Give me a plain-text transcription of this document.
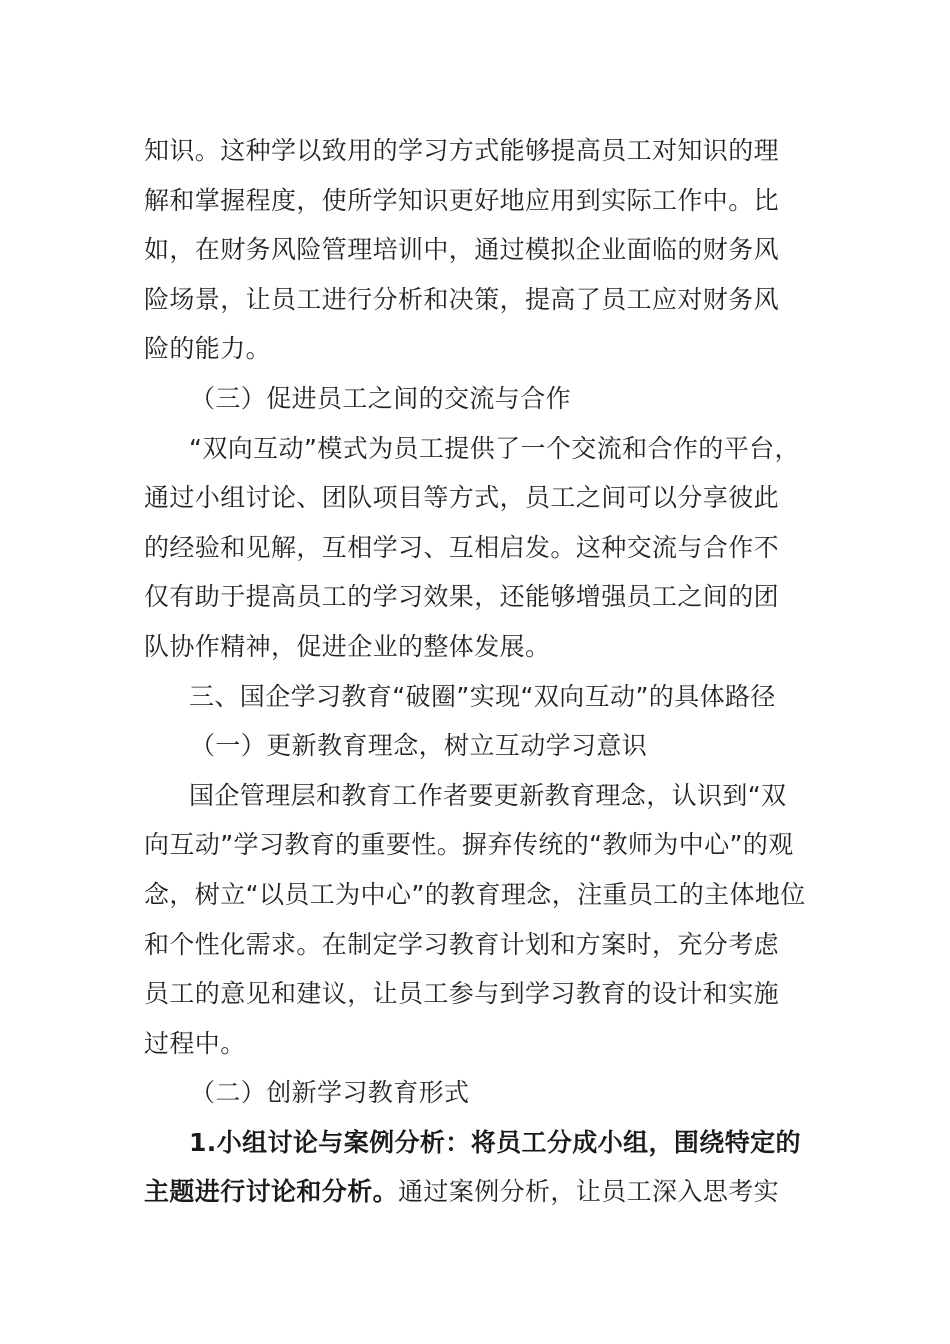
知识。这种学以致用的学习方式能够提高员工对知识的理
解和掌握程度，使所学知识更好地应用到实际工作中。比
如，在财务风险管理培训中，通过模拟企业面临的财务风
险场景，让员工进行分析和决策，提高了员工应对财务风
险的能力。
（三）促进员工之间的交流与合作
“双向互动”模式为员工提供了一个交流和合作的平台，
通过小组讨论、团队项目等方式，员工之间可以分享彼此
的经验和见解，互相学习、互相启发。这种交流与合作不
仅有助于提高员工的学习效果，还能够增强员工之间的团
队协作精神，促进企业的整体发展。
三、国企学习教育“破圈”实现“双向互动”的具体路径
（一）更新教育理念，树立互动学习意识
国企管理层和教育工作者要更新教育理念，认识到“双
向互动”学习教育的重要性。摒弃传统的“教师为中心”的观
念，树立“以员工为中心”的教育理念，注重员工的主体地位
和个性化需求。在制定学习教育计划和方案时，充分考虑
员工的意见和建议，让员工参与到学习教育的设计和实施
过程中。
（二）创新学习教育形式
1.小组讨论与案例分析：将员工分成小组，围绕特定的
主题进行讨论和分析。通过案例分析，让员工深入思考实
